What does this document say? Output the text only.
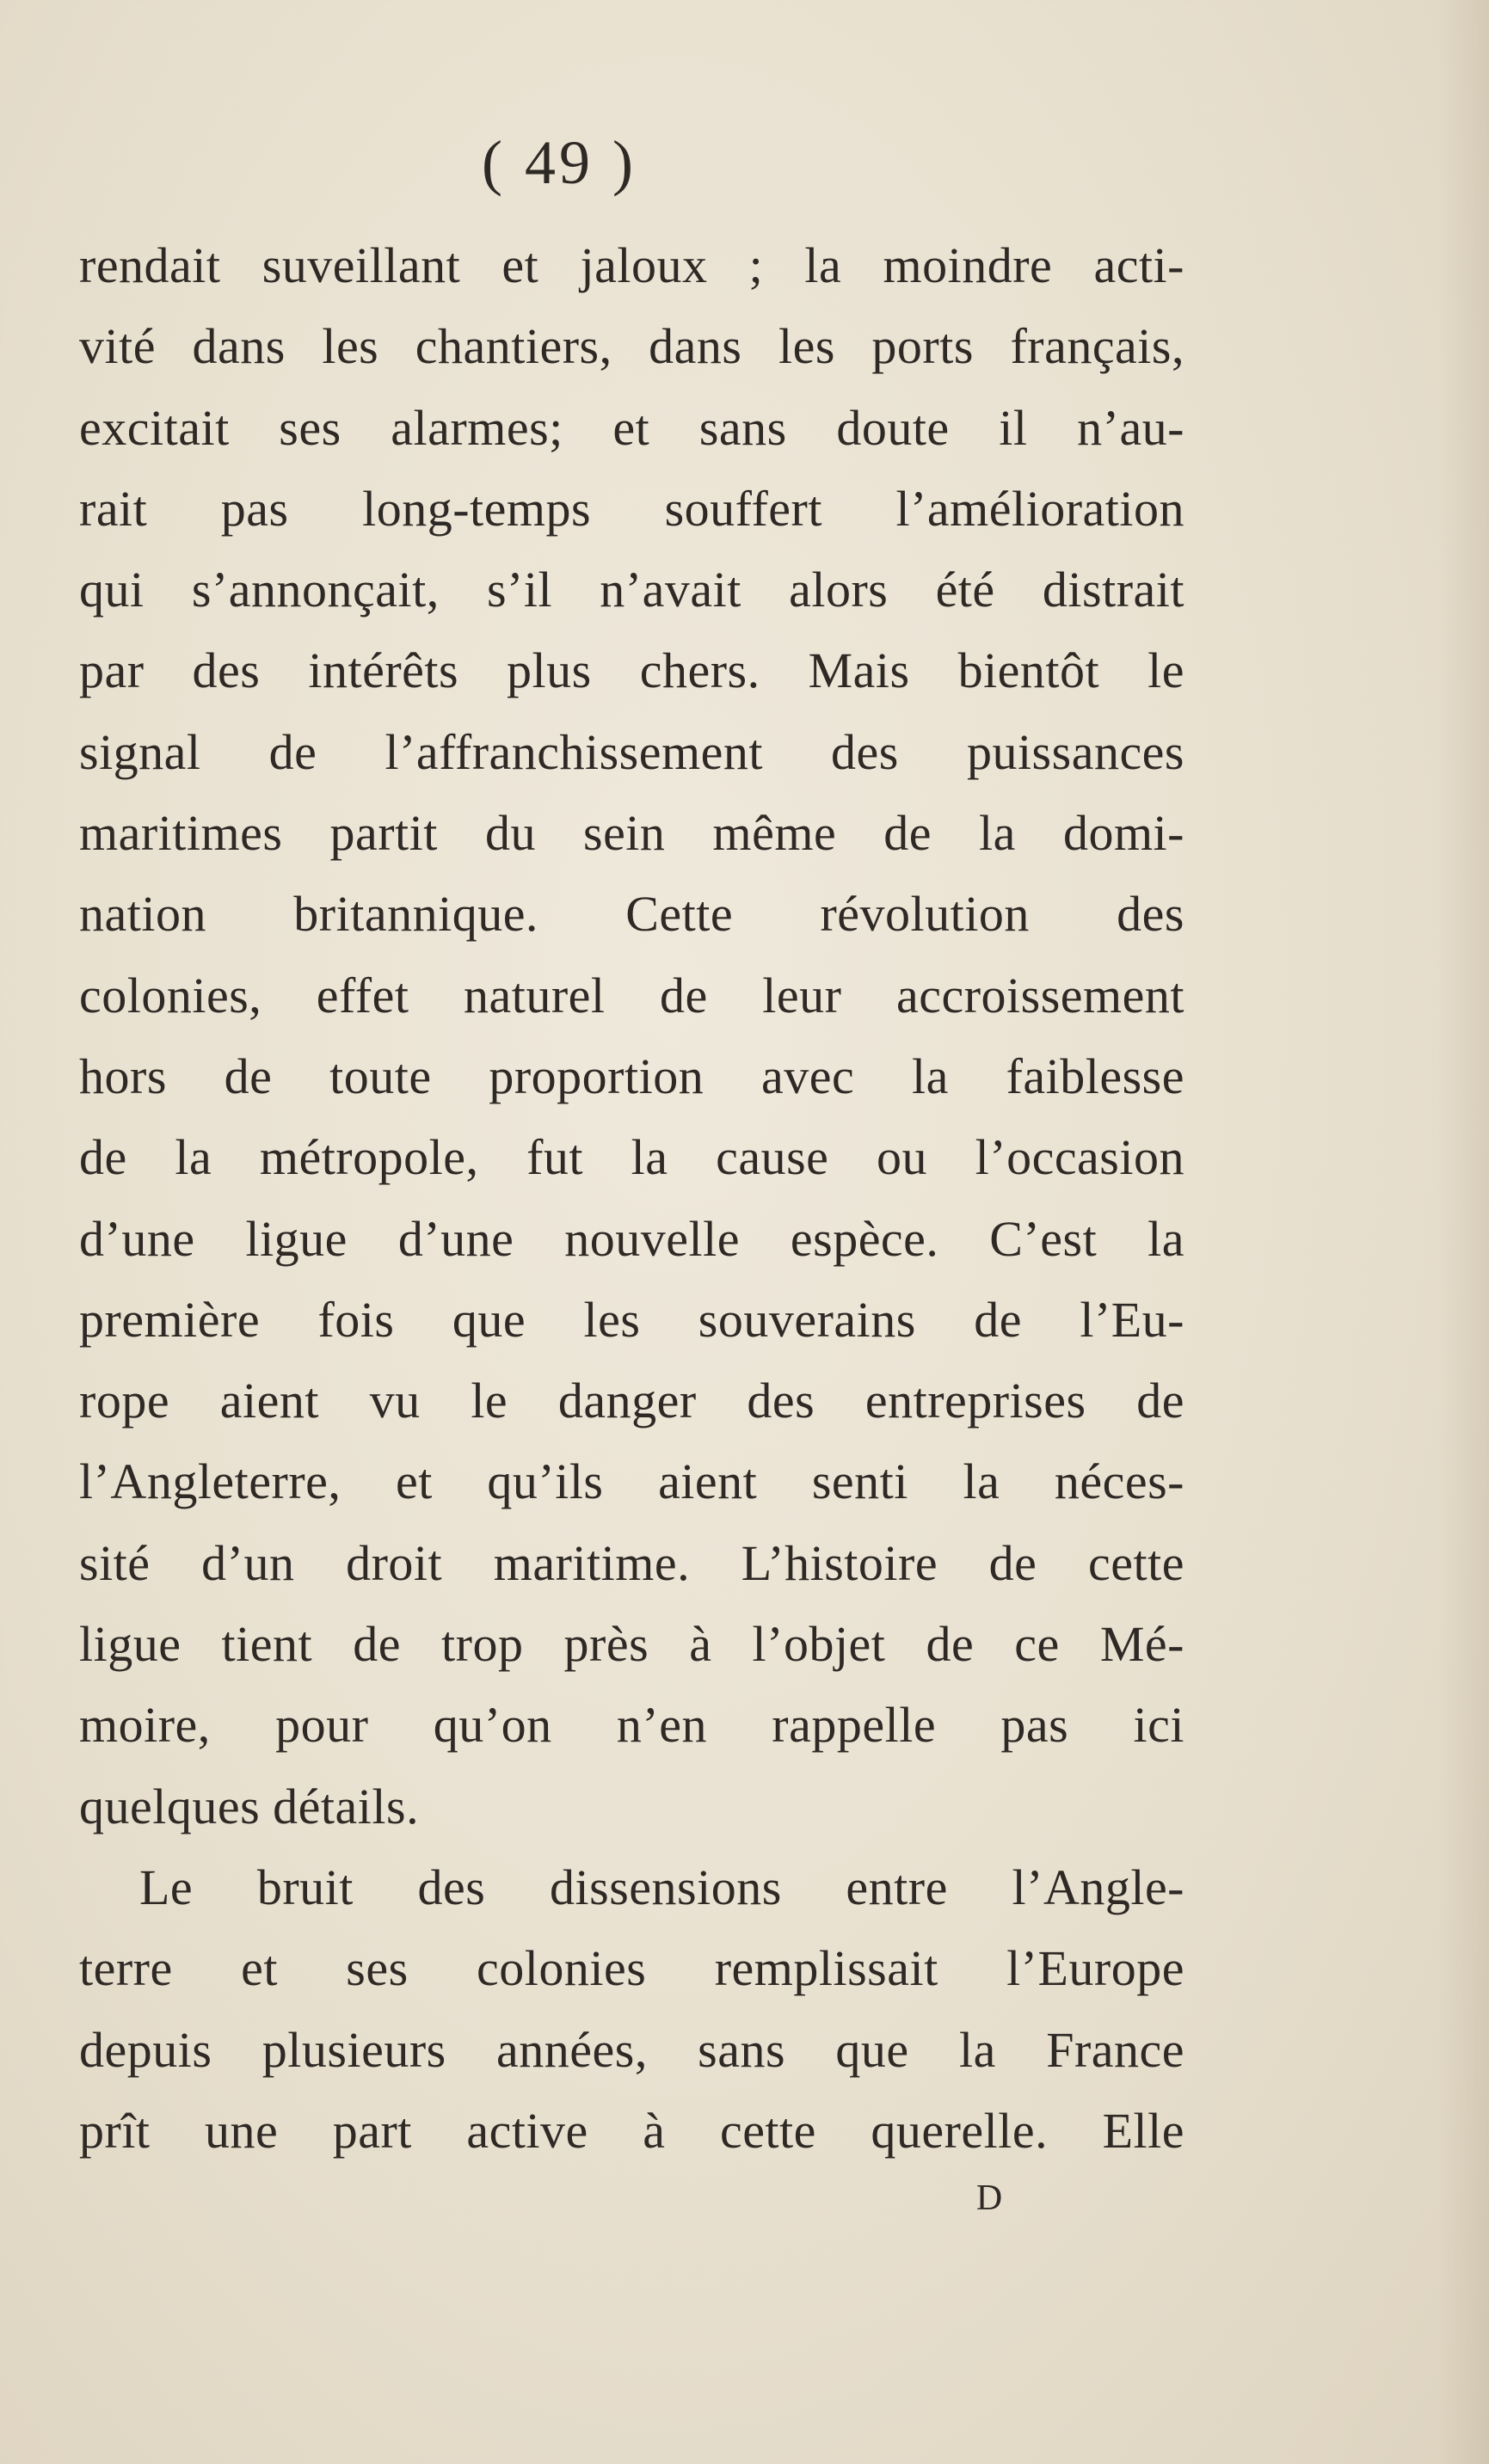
( 49 )
rendait suveillant et jaloux ; la moindre acti-
vité dans les chantiers, dans les ports français,
excitait ses alarmes; et sans doute il n’au-
rait pas long-temps souffert l’amélioration
qui s’annonçait, s’il n’avait alors été distrait
par des intérêts plus chers. Mais bientôt le
signal de l’affranchissement des puissances
maritimes partit du sein même de la domi-
nation britannique. Cette révolution des
colonies, effet naturel de leur accroissement
hors de toute proportion avec la faiblesse
de la métropole, fut la cause ou l’occasion
d’une ligue d’une nouvelle espèce. C’est la
première fois que les souverains de l’Eu-
rope aient vu le danger des entreprises de
l’Angleterre, et qu’ils aient senti la néces-
sité d’un droit maritime. L’histoire de cette
ligue tient de trop près à l’objet de ce Mé-
moire, pour qu’on n’en rappelle pas ici
quelques détails.
Le bruit des dissensions entre l’Angle-
terre et ses colonies remplissait l’Europe
depuis plusieurs années, sans que la France
prît une part active à cette querelle. Elle
D
